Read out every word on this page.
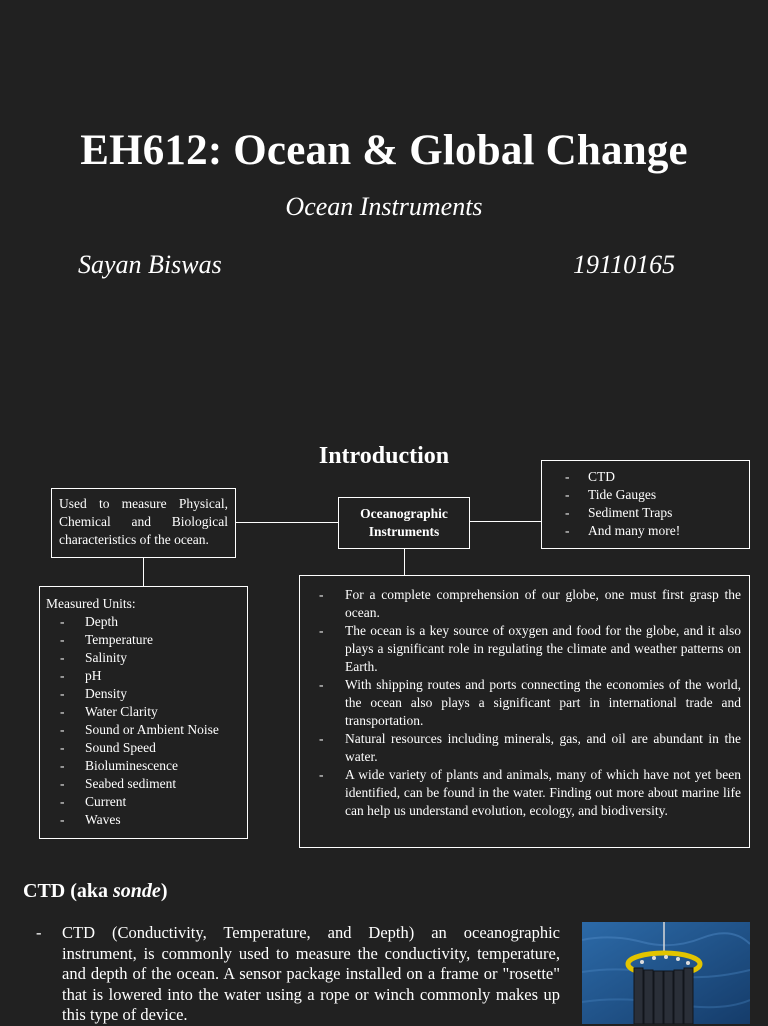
EH612: Ocean & Global Change
Ocean Instruments
Sayan Biswas	19110165
Introduction
Used to measure Physical, Chemical and Biological characteristics of the ocean.
Oceanographic
Instruments
- CTD
- Tide Gauges
- Sediment Traps
- And many more!
Measured Units:
- Depth
- Temperature
- Salinity
- pH
- Density
- Water Clarity
- Sound or Ambient Noise
- Sound Speed
- Bioluminescence
- Seabed sediment
- Current
- Waves
- For a complete comprehension of our globe, one must first grasp the ocean.
- The ocean is a key source of oxygen and food for the globe, and it also plays a significant role in regulating the climate and weather patterns on Earth.
- With shipping routes and ports connecting the economies of the world, the ocean also plays a significant part in international trade and transportation.
- Natural resources including minerals, gas, and oil are abundant in the water.
- A wide variety of plants and animals, many of which have not yet been identified, can be found in the water. Finding out more about marine life can help us understand evolution, ecology, and biodiversity.
CTD (aka sonde)
- CTD (Conductivity, Temperature, and Depth) an oceanographic instrument, is commonly used to measure the conductivity, temperature, and depth of the ocean. A sensor package installed on a frame or "rosette" that is lowered into the water using a rope or winch commonly makes up this type of device.
